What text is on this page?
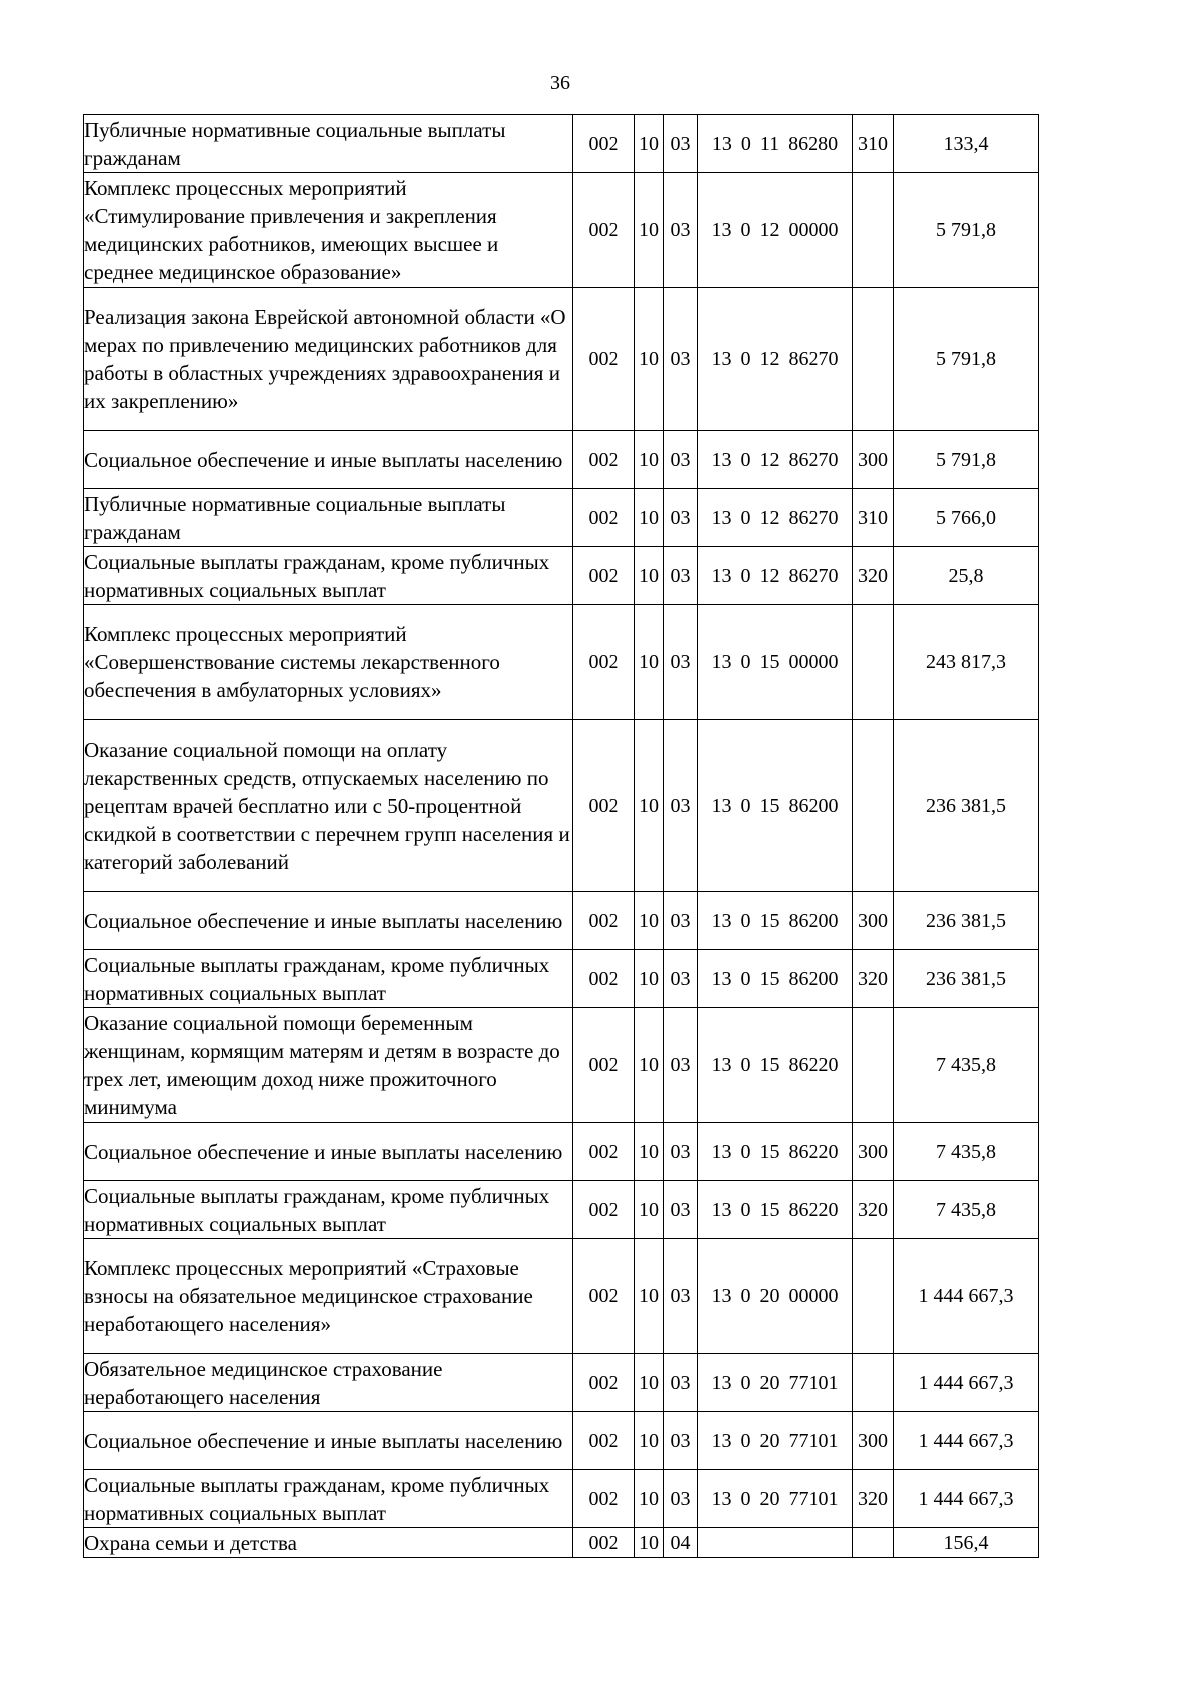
36
Публичные нормативные социальные выплаты гражданам	002	10	03	13 0 11 86280	310	133,4
Комплекс процессных мероприятий «Стимулирование привлечения и закрепления медицинских работников, имеющих высшее и среднее медицинское образование»	002	10	03	13 0 12 00000		5 791,8
Реализация закона Еврейской автономной области «О мерах по привлечению медицинских работников для работы в областных учреждениях здравоохранения и их закреплению»	002	10	03	13 0 12 86270		5 791,8
Социальное обеспечение и иные выплаты населению	002	10	03	13 0 12 86270	300	5 791,8
Публичные нормативные социальные выплаты гражданам	002	10	03	13 0 12 86270	310	5 766,0
Социальные выплаты гражданам, кроме публичных нормативных социальных выплат	002	10	03	13 0 12 86270	320	25,8
Комплекс процессных мероприятий «Совершенствование системы лекарственного обеспечения в амбулаторных условиях»	002	10	03	13 0 15 00000		243 817,3
Оказание социальной помощи на оплату лекарственных средств, отпускаемых населению по рецептам врачей бесплатно или с 50-процентной скидкой в соответствии с перечнем групп населения и категорий заболеваний	002	10	03	13 0 15 86200		236 381,5
Социальное обеспечение и иные выплаты населению	002	10	03	13 0 15 86200	300	236 381,5
Социальные выплаты гражданам, кроме публичных нормативных социальных выплат	002	10	03	13 0 15 86200	320	236 381,5
Оказание социальной помощи беременным женщинам, кормящим матерям и детям в возрасте до трех лет, имеющим доход ниже прожиточного минимума	002	10	03	13 0 15 86220		7 435,8
Социальное обеспечение и иные выплаты населению	002	10	03	13 0 15 86220	300	7 435,8
Социальные выплаты гражданам, кроме публичных нормативных социальных выплат	002	10	03	13 0 15 86220	320	7 435,8
Комплекс процессных мероприятий «Страховые взносы на обязательное медицинское страхование неработающего населения»	002	10	03	13 0 20 00000		1 444 667,3
Обязательное медицинское страхование неработающего населения	002	10	03	13 0 20 77101		1 444 667,3
Социальное обеспечение и иные выплаты населению	002	10	03	13 0 20 77101	300	1 444 667,3
Социальные выплаты гражданам, кроме публичных нормативных социальных выплат	002	10	03	13 0 20 77101	320	1 444 667,3
Охрана семьи и детства	002	10	04			156,4
